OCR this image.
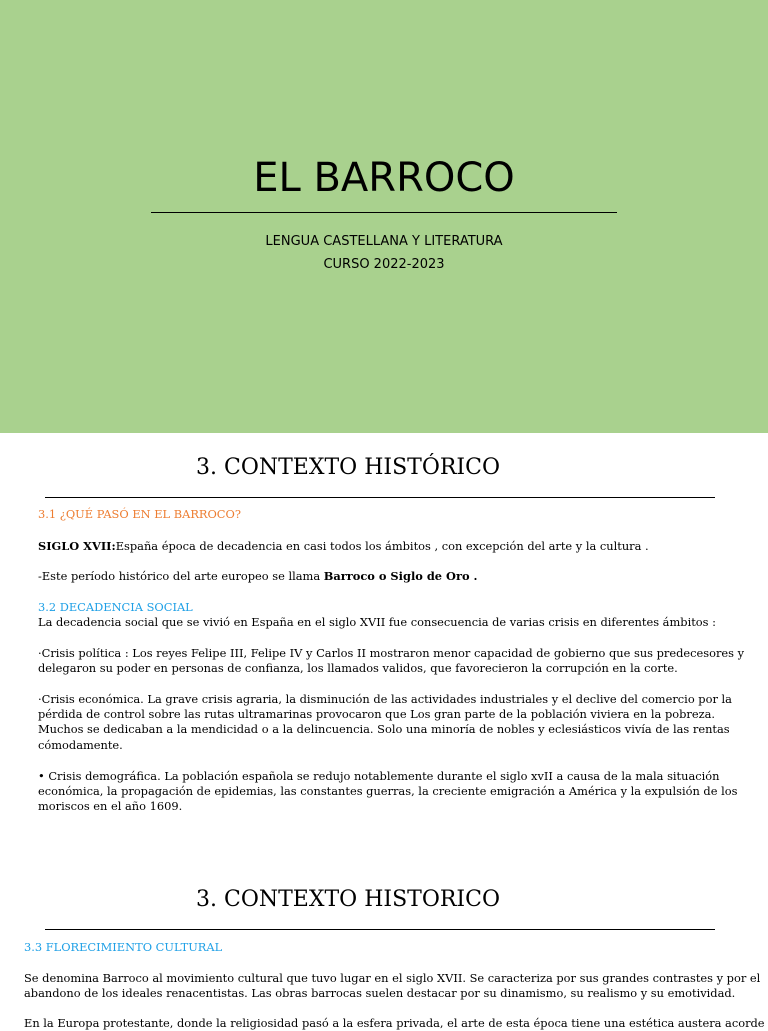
EL BARROCO
LENGUA CASTELLANA Y LITERATURA
CURSO 2022-2023
3. CONTEXTO HISTÓRICO

3.1 ¿QUÉ PASÓ EN EL BARROCO?

SIGLO XVII:España época de decadencia en casi todos los ámbitos , con excepción del arte y la cultura .

-Este período histórico del arte europeo se llama Barroco o Siglo de Oro .

3.2 DECADENCIA SOCIAL

La decadencia social que se vivió en España en el siglo XVII fue consecuencia de varias crisis en diferentes ámbitos :

·Crisis política : Los reyes Felipe III, Felipe IV y Carlos II mostraron menor capacidad de gobierno que sus predecesores y

delegaron su poder en personas de confianza, los llamados validos, que favorecieron la corrupción en la corte.

·Crisis económica. La grave crisis agraria, la disminución de las actividades industriales y el declive del comercio por la

pérdida de control sobre las rutas ultramarinas provocaron que Los gran parte de la población viviera en la pobreza.

Muchos se dedicaban a la mendicidad o a la delincuencia. Solo una minoría de nobles y eclesiásticos vivía de las rentas

cómodamente.

• Crisis demográfica. La población española se redujo notablemente durante el siglo xvII a causa de la mala situación

económica, la propagación de epidemias, las constantes guerras, la creciente emigración a América y la expulsión de los

moriscos en el año 1609.

3. CONTEXTO HISTORICO

3.3 FLORECIMIENTO CULTURAL

Se denomina Barroco al movimiento cultural que tuvo lugar en el siglo XVII. Se caracteriza por sus grandes contrastes y por el

abandono de los ideales renacentistas. Las obras barrocas suelen destacar por su dinamismo, su realismo y su emotividad.

En la Europa protestante, donde la religiosidad pasó a la esfera privada, el arte de esta época tiene una estética austera acorde
